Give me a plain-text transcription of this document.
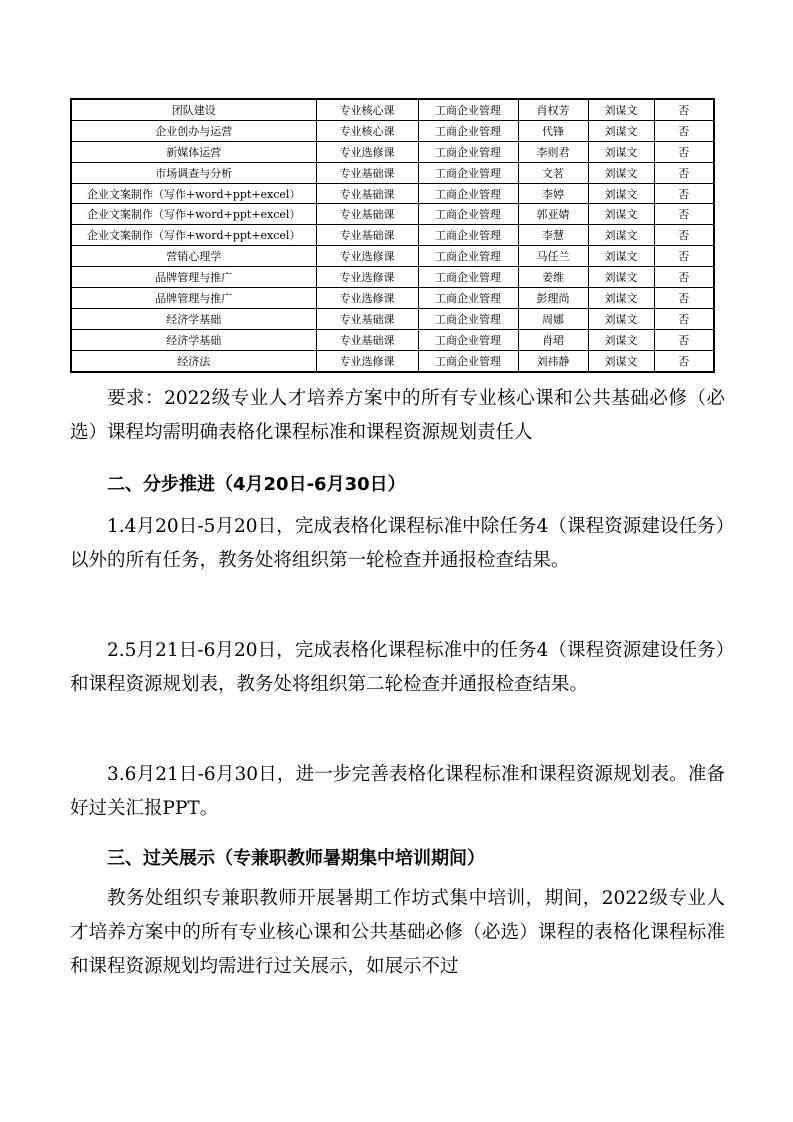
团队建设	专业核心课	工商企业管理	肖权芳	刘谋文	否
企业创办与运营	专业核心课	工商企业管理	代锋	刘谋文	否
新媒体运营	专业选修课	工商企业管理	李则君	刘谋文	否
市场调查与分析	专业基础课	工商企业管理	文茗	刘谋文	否
企业文案制作（写作+word+ppt+excel）	专业基础课	工商企业管理	李婷	刘谋文	否
企业文案制作（写作+word+ppt+excel）	专业基础课	工商企业管理	郭亚婧	刘谋文	否
企业文案制作（写作+word+ppt+excel）	专业基础课	工商企业管理	李慧	刘谋文	否
营销心理学	专业选修课	工商企业管理	马任兰	刘谋文	否
品牌管理与推广	专业选修课	工商企业管理	姜维	刘谋文	否
品牌管理与推广	专业选修课	工商企业管理	彭理尚	刘谋文	否
经济学基础	专业基础课	工商企业管理	周娜	刘谋文	否
经济学基础	专业基础课	工商企业管理	肖珺	刘谋文	否
经济法	专业选修课	工商企业管理	刘祎静	刘谋文	否

要求：2022级专业人才培养方案中的所有专业核心课和公共基础必修（必选）课程均需明确表格化课程标准和课程资源规划责任人

二、分步推进（4月20日-6月30日）

1.4月20日-5月20日，完成表格化课程标准中除任务4（课程资源建设任务）以外的所有任务，教务处将组织第一轮检查并通报检查结果。

2.5月21日-6月20日，完成表格化课程标准中的任务4（课程资源建设任务）和课程资源规划表，教务处将组织第二轮检查并通报检查结果。

3.6月21日-6月30日，进一步完善表格化课程标准和课程资源规划表。准备好过关汇报PPT。

三、过关展示（专兼职教师暑期集中培训期间）

教务处组织专兼职教师开展暑期工作坊式集中培训，期间，2022级专业人才培养方案中的所有专业核心课和公共基础必修（必选）课程的表格化课程标准和课程资源规划均需进行过关展示，如展示不过
